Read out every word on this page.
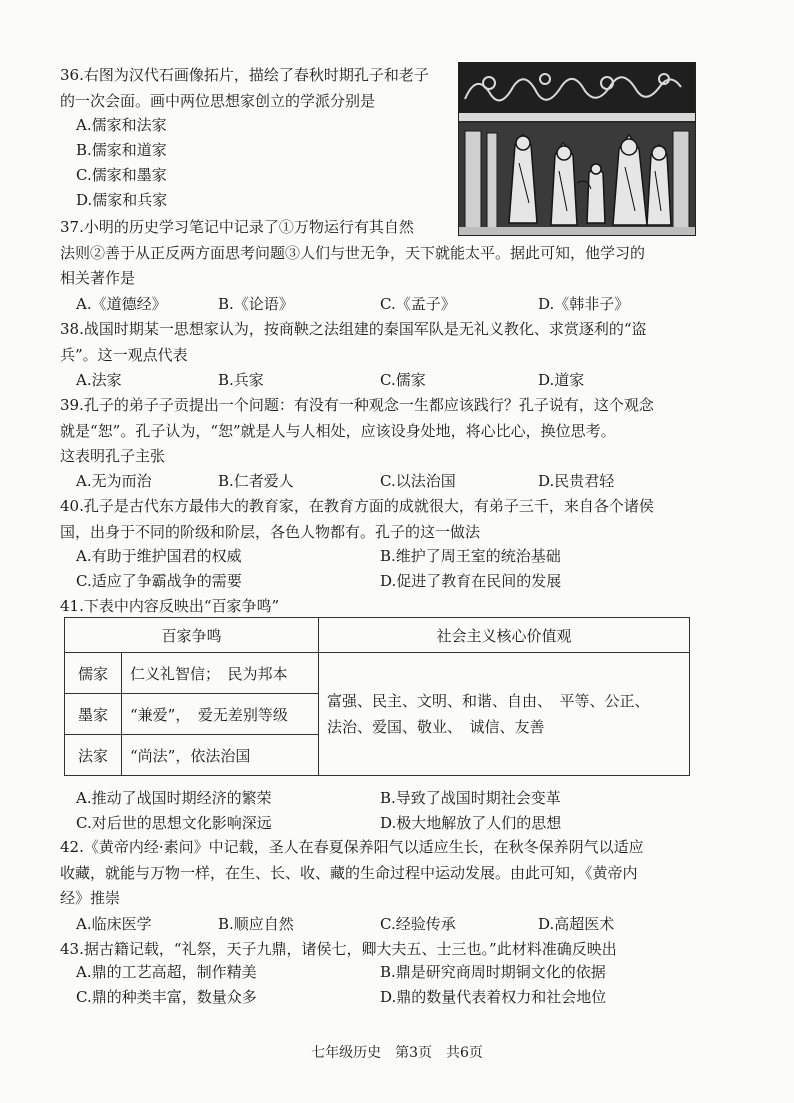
36.右图为汉代石画像拓片，描绘了春秋时期孔子和老子
的一次会面。画中两位思想家创立的学派分别是
A.儒家和法家
B.儒家和道家
C.儒家和墨家
D.儒家和兵家
37.小明的历史学习笔记中记录了①万物运行有其自然
法则②善于从正反两方面思考问题③人们与世无争，天下就能太平。据此可知，他学习的
相关著作是
A.《道德经》	B.《论语》	C.《孟子》	D.《韩非子》
38.战国时期某一思想家认为，按商鞅之法组建的秦国军队是无礼义教化、求赏逐利的“盗
兵”。这一观点代表
A.法家	B.兵家	C.儒家	D.道家
39.孔子的弟子子贡提出一个问题：有没有一种观念一生都应该践行？孔子说有，这个观念
就是“恕”。孔子认为，“恕”就是人与人相处，应该设身处地，将心比心，换位思考。
这表明孔子主张
A.无为而治	B.仁者爱人	C.以法治国	D.民贵君轻
40.孔子是古代东方最伟大的教育家，在教育方面的成就很大，有弟子三千，来自各个诸侯
国，出身于不同的阶级和阶层，各色人物都有。孔子的这一做法
A.有助于维护国君的权威	B.维护了周王室的统治基础
C.适应了争霸战争的需要	D.促进了教育在民间的发展
41.下表中内容反映出“百家争鸣”
百家争鸣		社会主义核心价值观
儒家	仁义礼智信；　民为邦本	富强、民主、文明、和谐、自由、　平等、公正、
法治、爱国、敬业、　诚信、友善

墨家	“兼爱”，　爱无差别等级	
法家	“尚法”，依法治国	
A.推动了战国时期经济的繁荣	B.导致了战国时期社会变革
C.对后世的思想文化影响深远	D.极大地解放了人们的思想
42.《黄帝内经·素问》中记载，圣人在春夏保养阳气以适应生长，在秋冬保养阴气以适应
收藏，就能与万物一样，在生、长、收、藏的生命过程中运动发展。由此可知，《黄帝内
经》推崇
A.临床医学	B.顺应自然	C.经验传承	D.高超医术
43.据古籍记载，“礼祭，天子九鼎，诸侯七，卿大夫五、士三也。”此材料准确反映出
A.鼎的工艺高超，制作精美	B.鼎是研究商周时期铜文化的依据
C.鼎的种类丰富，数量众多	D.鼎的数量代表着权力和社会地位
七年级历史　第3页　共6页
